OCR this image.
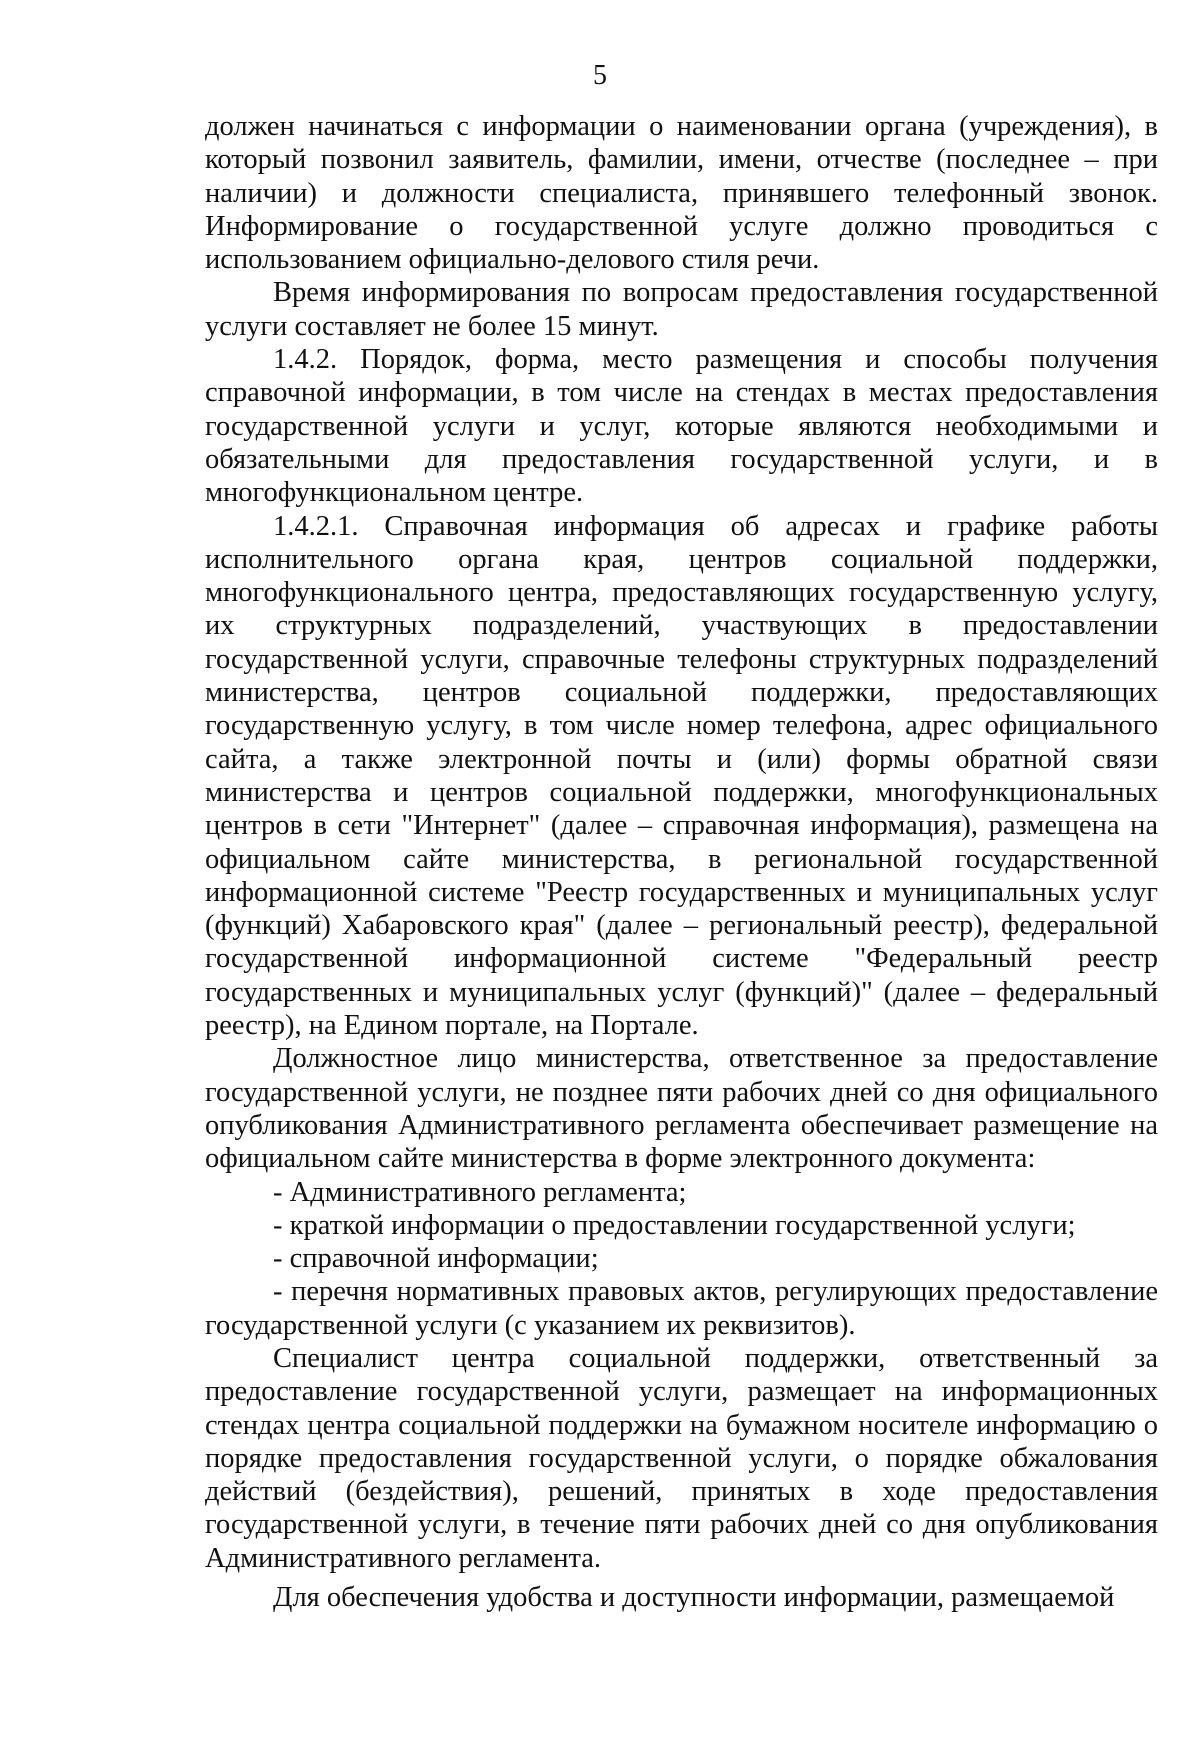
5

должен начинаться с информации о наименовании органа (учреждения), в который позвонил заявитель, фамилии, имени, отчестве (последнее – при наличии) и должности специалиста, принявшего телефонный звонок. Информирование о государственной услуге должно проводиться с использованием официально-делового стиля речи.

Время информирования по вопросам предоставления государственной услуги составляет не более 15 минут.

1.4.2. Порядок, форма, место размещения и способы получения справочной информации, в том числе на стендах в местах предоставления государственной услуги и услуг, которые являются необходимыми и обязательными для предоставления государственной услуги, и в многофункциональном центре.

1.4.2.1. Справочная информация об адресах и графике работы исполнительного органа края, центров социальной поддержки, многофункционального центра, предоставляющих государственную услугу, их структурных подразделений, участвующих в предоставлении государственной услуги, справочные телефоны структурных подразделений министерства, центров социальной поддержки, предоставляющих государственную услугу, в том числе номер телефона, адрес официального сайта, а также электронной почты и (или) формы обратной связи министерства и центров социальной поддержки, многофункциональных центров в сети "Интернет" (далее – справочная информация), размещена на официальном сайте министерства, в региональной государственной информационной системе "Реестр государственных и муниципальных услуг (функций) Хабаровского края" (далее – региональный реестр), федеральной государственной информационной системе "Федеральный реестр государственных и муниципальных услуг (функций)" (далее – федеральный реестр), на Едином портале, на Портале.

Должностное лицо министерства, ответственное за предоставление государственной услуги, не позднее пяти рабочих дней со дня официального опубликования Административного регламента обеспечивает размещение на официальном сайте министерства в форме электронного документа:

- Административного регламента;

- краткой информации о предоставлении государственной услуги;

- справочной информации;

- перечня нормативных правовых актов, регулирующих предоставление государственной услуги (с указанием их реквизитов).

Специалист центра социальной поддержки, ответственный за предоставление государственной услуги, размещает на информационных стендах центра социальной поддержки на бумажном носителе информацию о порядке предоставления государственной услуги, о порядке обжалования действий (бездействия), решений, принятых в ходе предоставления государственной услуги, в течение пяти рабочих дней со дня опубликования Административного регламента.

Для обеспечения удобства и доступности информации, размещаемой
